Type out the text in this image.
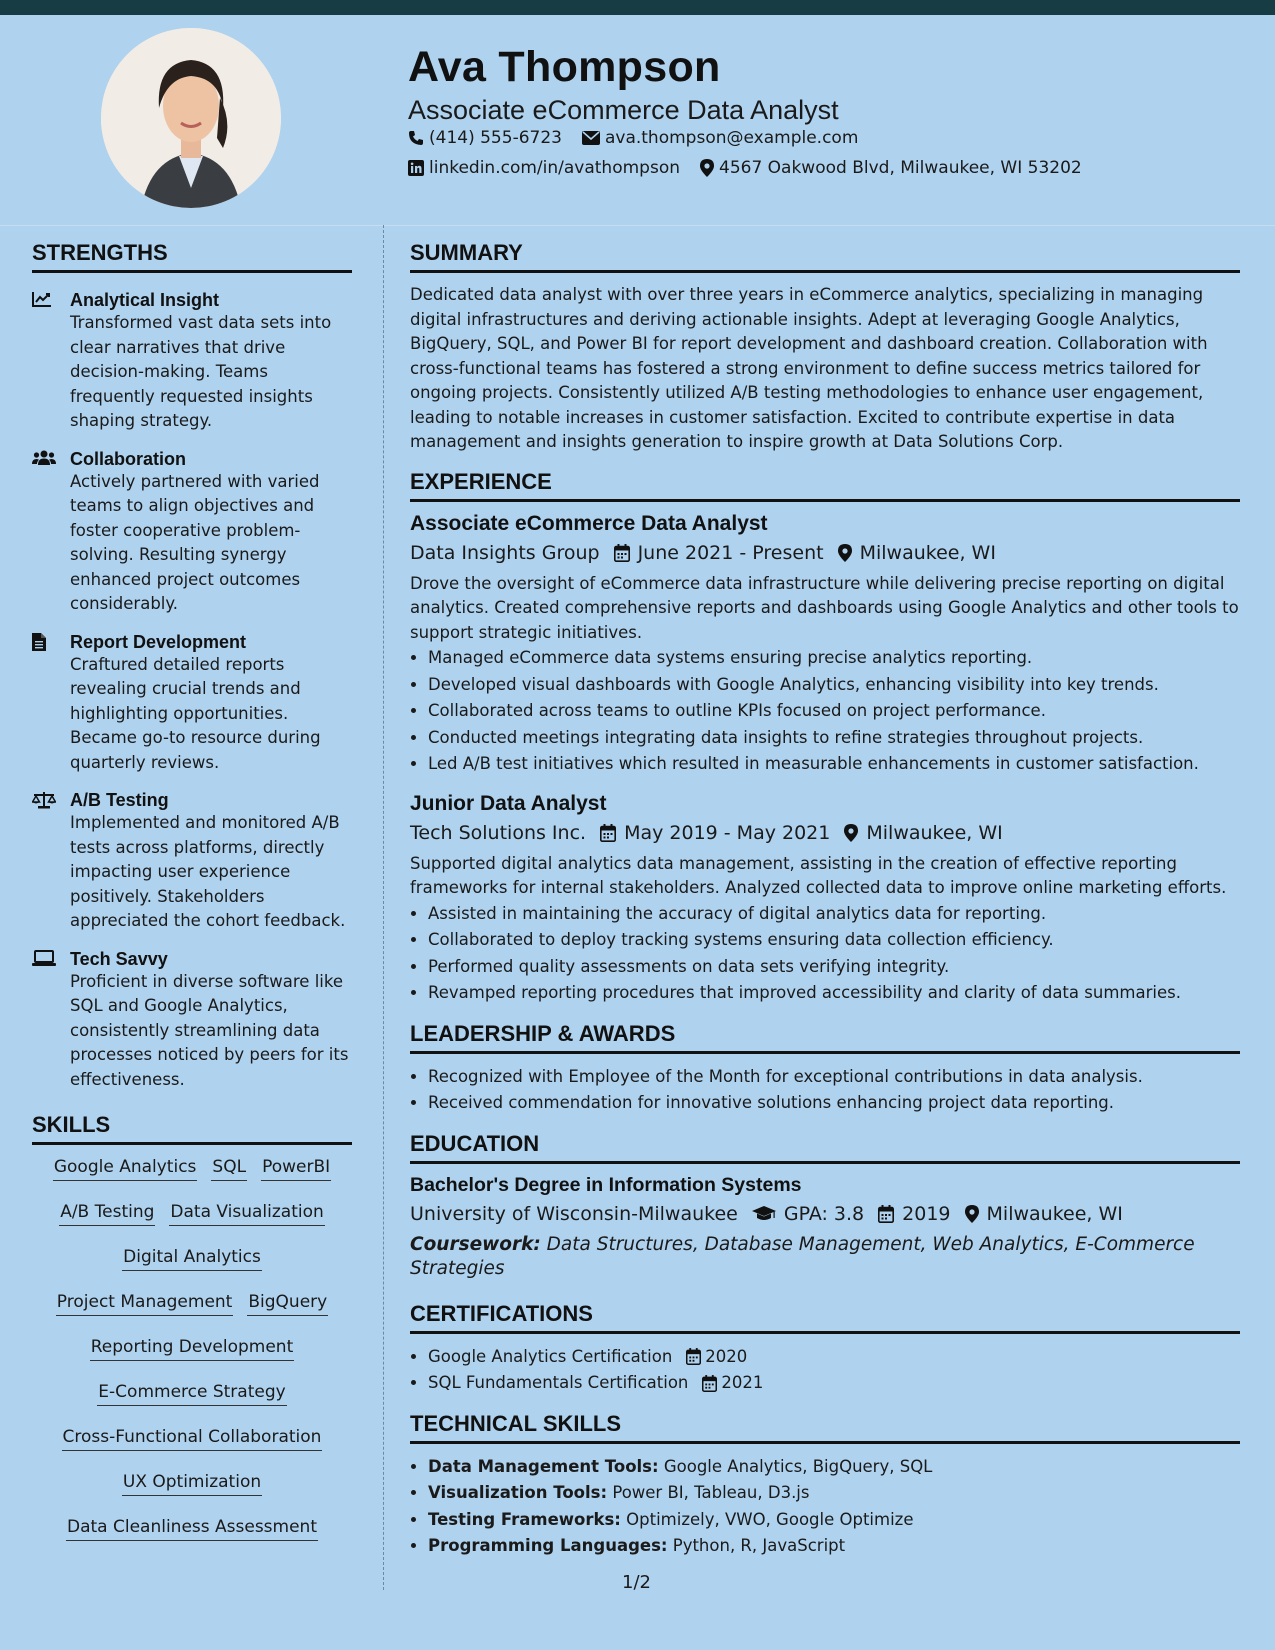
Ava Thompson
Associate eCommerce Data Analyst
(414) 555-6723	ava.thompson@example.com
linkedin.com/in/avathompson 4567 Oakwood Blvd, Milwaukee, WI 53202
STRENGTHS
Analytical Insight
Transformed vast data sets into clear narratives that drive decision-making. Teams frequently requested insights shaping strategy.
Collaboration
Actively partnered with varied teams to align objectives and foster cooperative problem-solving. Resulting synergy enhanced project outcomes considerably.
Report Development
Craftured detailed reports revealing crucial trends and highlighting opportunities. Became go-to resource during quarterly reviews.
A/B Testing
Implemented and monitored A/B tests across platforms, directly impacting user experience positively. Stakeholders appreciated the cohort feedback.
Tech Savvy
Proficient in diverse software like SQL and Google Analytics, consistently streamlining data processes noticed by peers for its effectiveness.
SKILLS
Google Analytics SQL PowerBI
A/B Testing Data Visualization
Digital Analytics
Project Management BigQuery
Reporting Development
E-Commerce Strategy
Cross-Functional Collaboration
UX Optimization
Data Cleanliness Assessment
SUMMARY
Dedicated data analyst with over three years in eCommerce analytics, specializing in managing digital infrastructures and deriving actionable insights. Adept at leveraging Google Analytics, BigQuery, SQL, and Power BI for report development and dashboard creation. Collaboration with cross-functional teams has fostered a strong environment to define success metrics tailored for ongoing projects. Consistently utilized A/B testing methodologies to enhance user engagement, leading to notable increases in customer satisfaction. Excited to contribute expertise in data management and insights generation to inspire growth at Data Solutions Corp.
EXPERIENCE
Associate eCommerce Data Analyst
Data Insights Group June 2021 - Present Milwaukee, WI
Drove the oversight of eCommerce data infrastructure while delivering precise reporting on digital analytics. Created comprehensive reports and dashboards using Google Analytics and other tools to support strategic initiatives.
• Managed eCommerce data systems ensuring precise analytics reporting.
• Developed visual dashboards with Google Analytics, enhancing visibility into key trends.
• Collaborated across teams to outline KPIs focused on project performance.
• Conducted meetings integrating data insights to refine strategies throughout projects.
• Led A/B test initiatives which resulted in measurable enhancements in customer satisfaction.
Junior Data Analyst
Tech Solutions Inc. May 2019 - May 2021 Milwaukee, WI
Supported digital analytics data management, assisting in the creation of effective reporting frameworks for internal stakeholders. Analyzed collected data to improve online marketing efforts.
• Assisted in maintaining the accuracy of digital analytics data for reporting.
• Collaborated to deploy tracking systems ensuring data collection efficiency.
• Performed quality assessments on data sets verifying integrity.
• Revamped reporting procedures that improved accessibility and clarity of data summaries.
LEADERSHIP & AWARDS
• Recognized with Employee of the Month for exceptional contributions in data analysis.
• Received commendation for innovative solutions enhancing project data reporting.
EDUCATION
Bachelor's Degree in Information Systems
University of Wisconsin-Milwaukee GPA: 3.8 2019 Milwaukee, WI
Coursework: Data Structures, Database Management, Web Analytics, E-Commerce Strategies
CERTIFICATIONS
• Google Analytics Certification 2020
• SQL Fundamentals Certification 2021
TECHNICAL SKILLS
• Data Management Tools: Google Analytics, BigQuery, SQL
• Visualization Tools: Power BI, Tableau, D3.js
• Testing Frameworks: Optimizely, VWO, Google Optimize
• Programming Languages: Python, R, JavaScript
1/2
